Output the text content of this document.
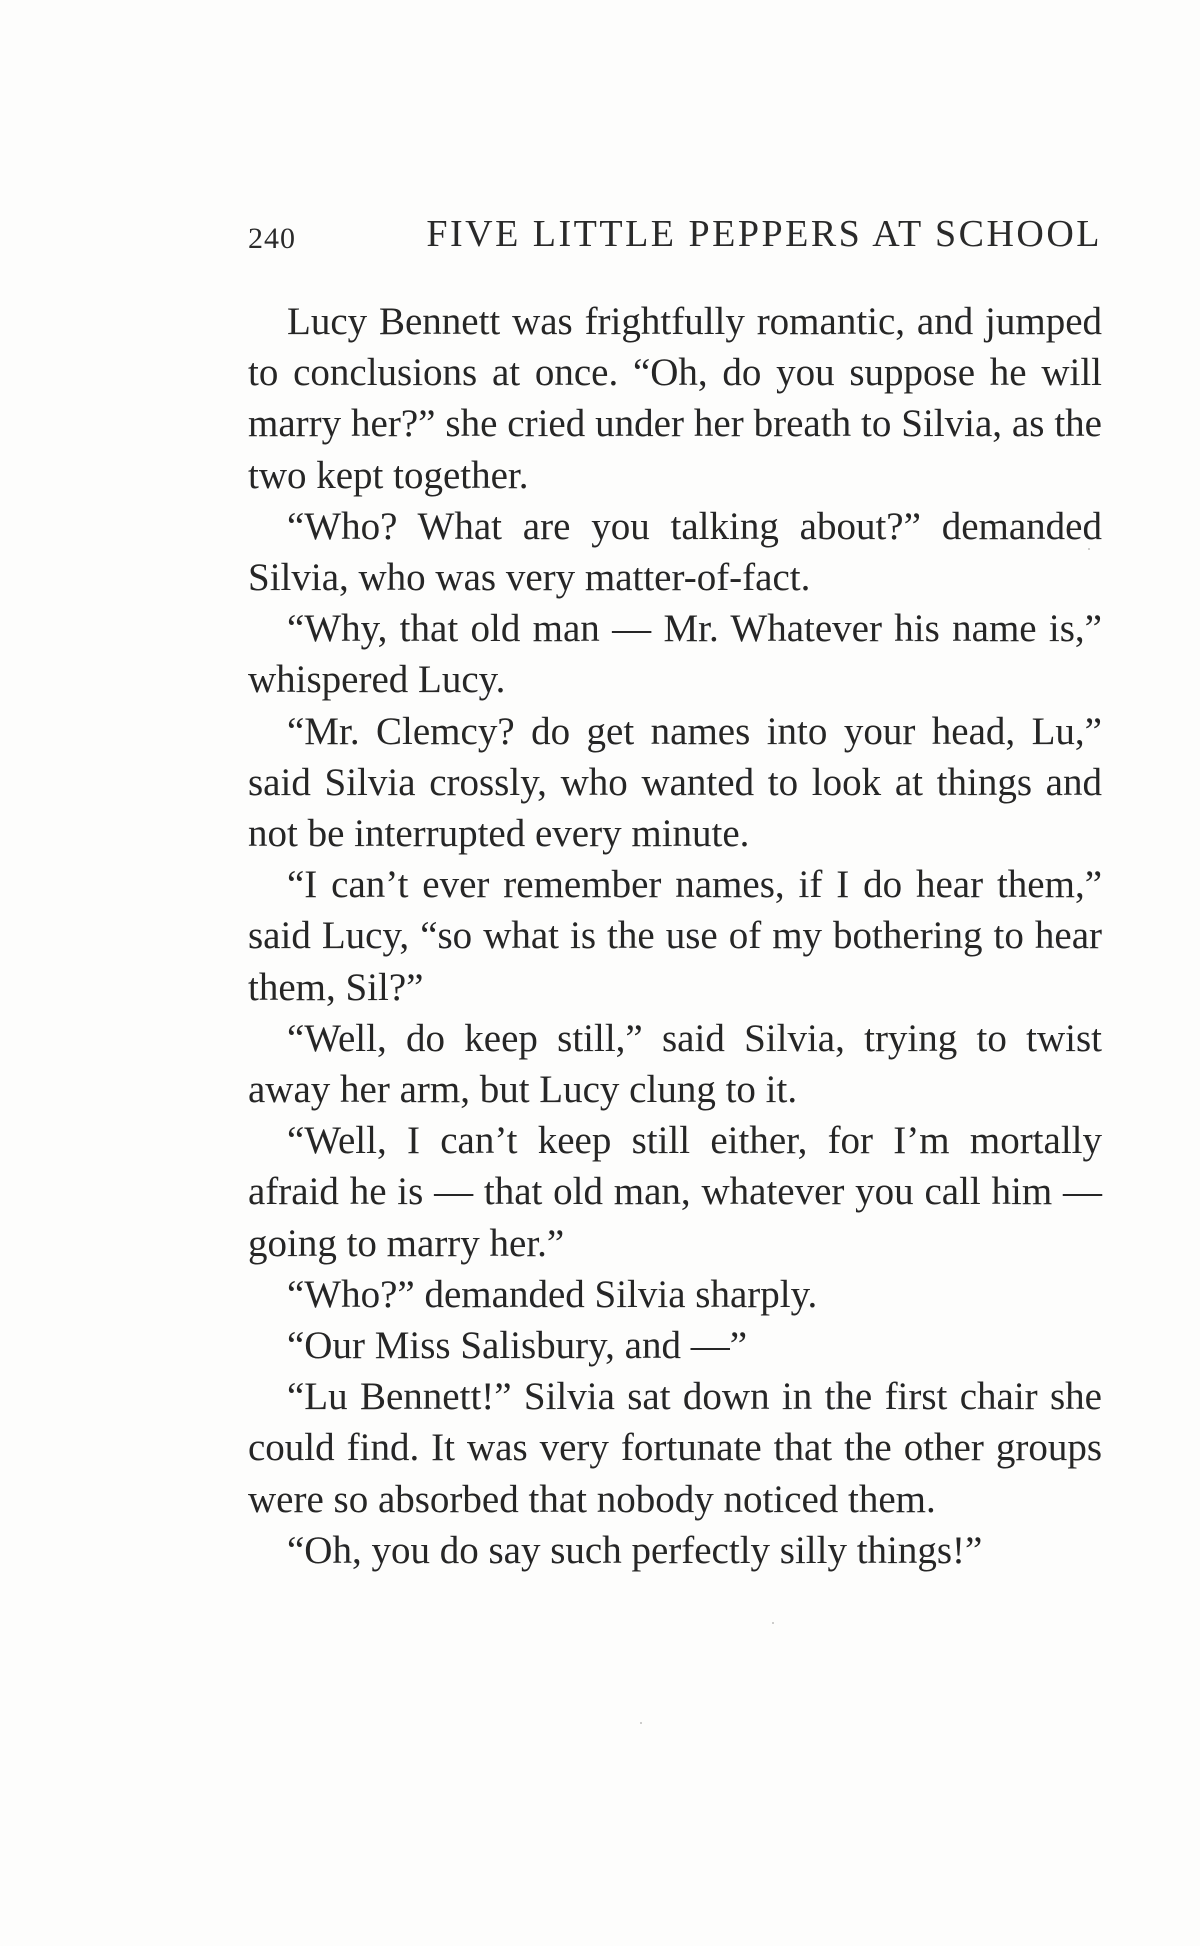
240	FIVE LITTLE PEPPERS AT SCHOOL

Lucy Bennett was frightfully romantic, and jumped to conclusions at once. “Oh, do you suppose he will marry her?” she cried under her breath to Silvia, as the two kept together.

“Who? What are you talking about?” demanded Silvia, who was very matter-of-fact.

“Why, that old man — Mr. Whatever his name is,” whispered Lucy.

“Mr. Clemcy? do get names into your head, Lu,” said Silvia crossly, who wanted to look at things and not be interrupted every minute.

“I can’t ever remember names, if I do hear them,” said Lucy, “so what is the use of my bothering to hear them, Sil?”

“Well, do keep still,” said Silvia, trying to twist away her arm, but Lucy clung to it.

“Well, I can’t keep still either, for I’m mortally afraid he is — that old man, whatever you call him — going to marry her.”

“Who?” demanded Silvia sharply.

“Our Miss Salisbury, and —”

“Lu Bennett!” Silvia sat down in the first chair she could find. It was very fortunate that the other groups were so absorbed that nobody noticed them.

“Oh, you do say such perfectly silly things!”
